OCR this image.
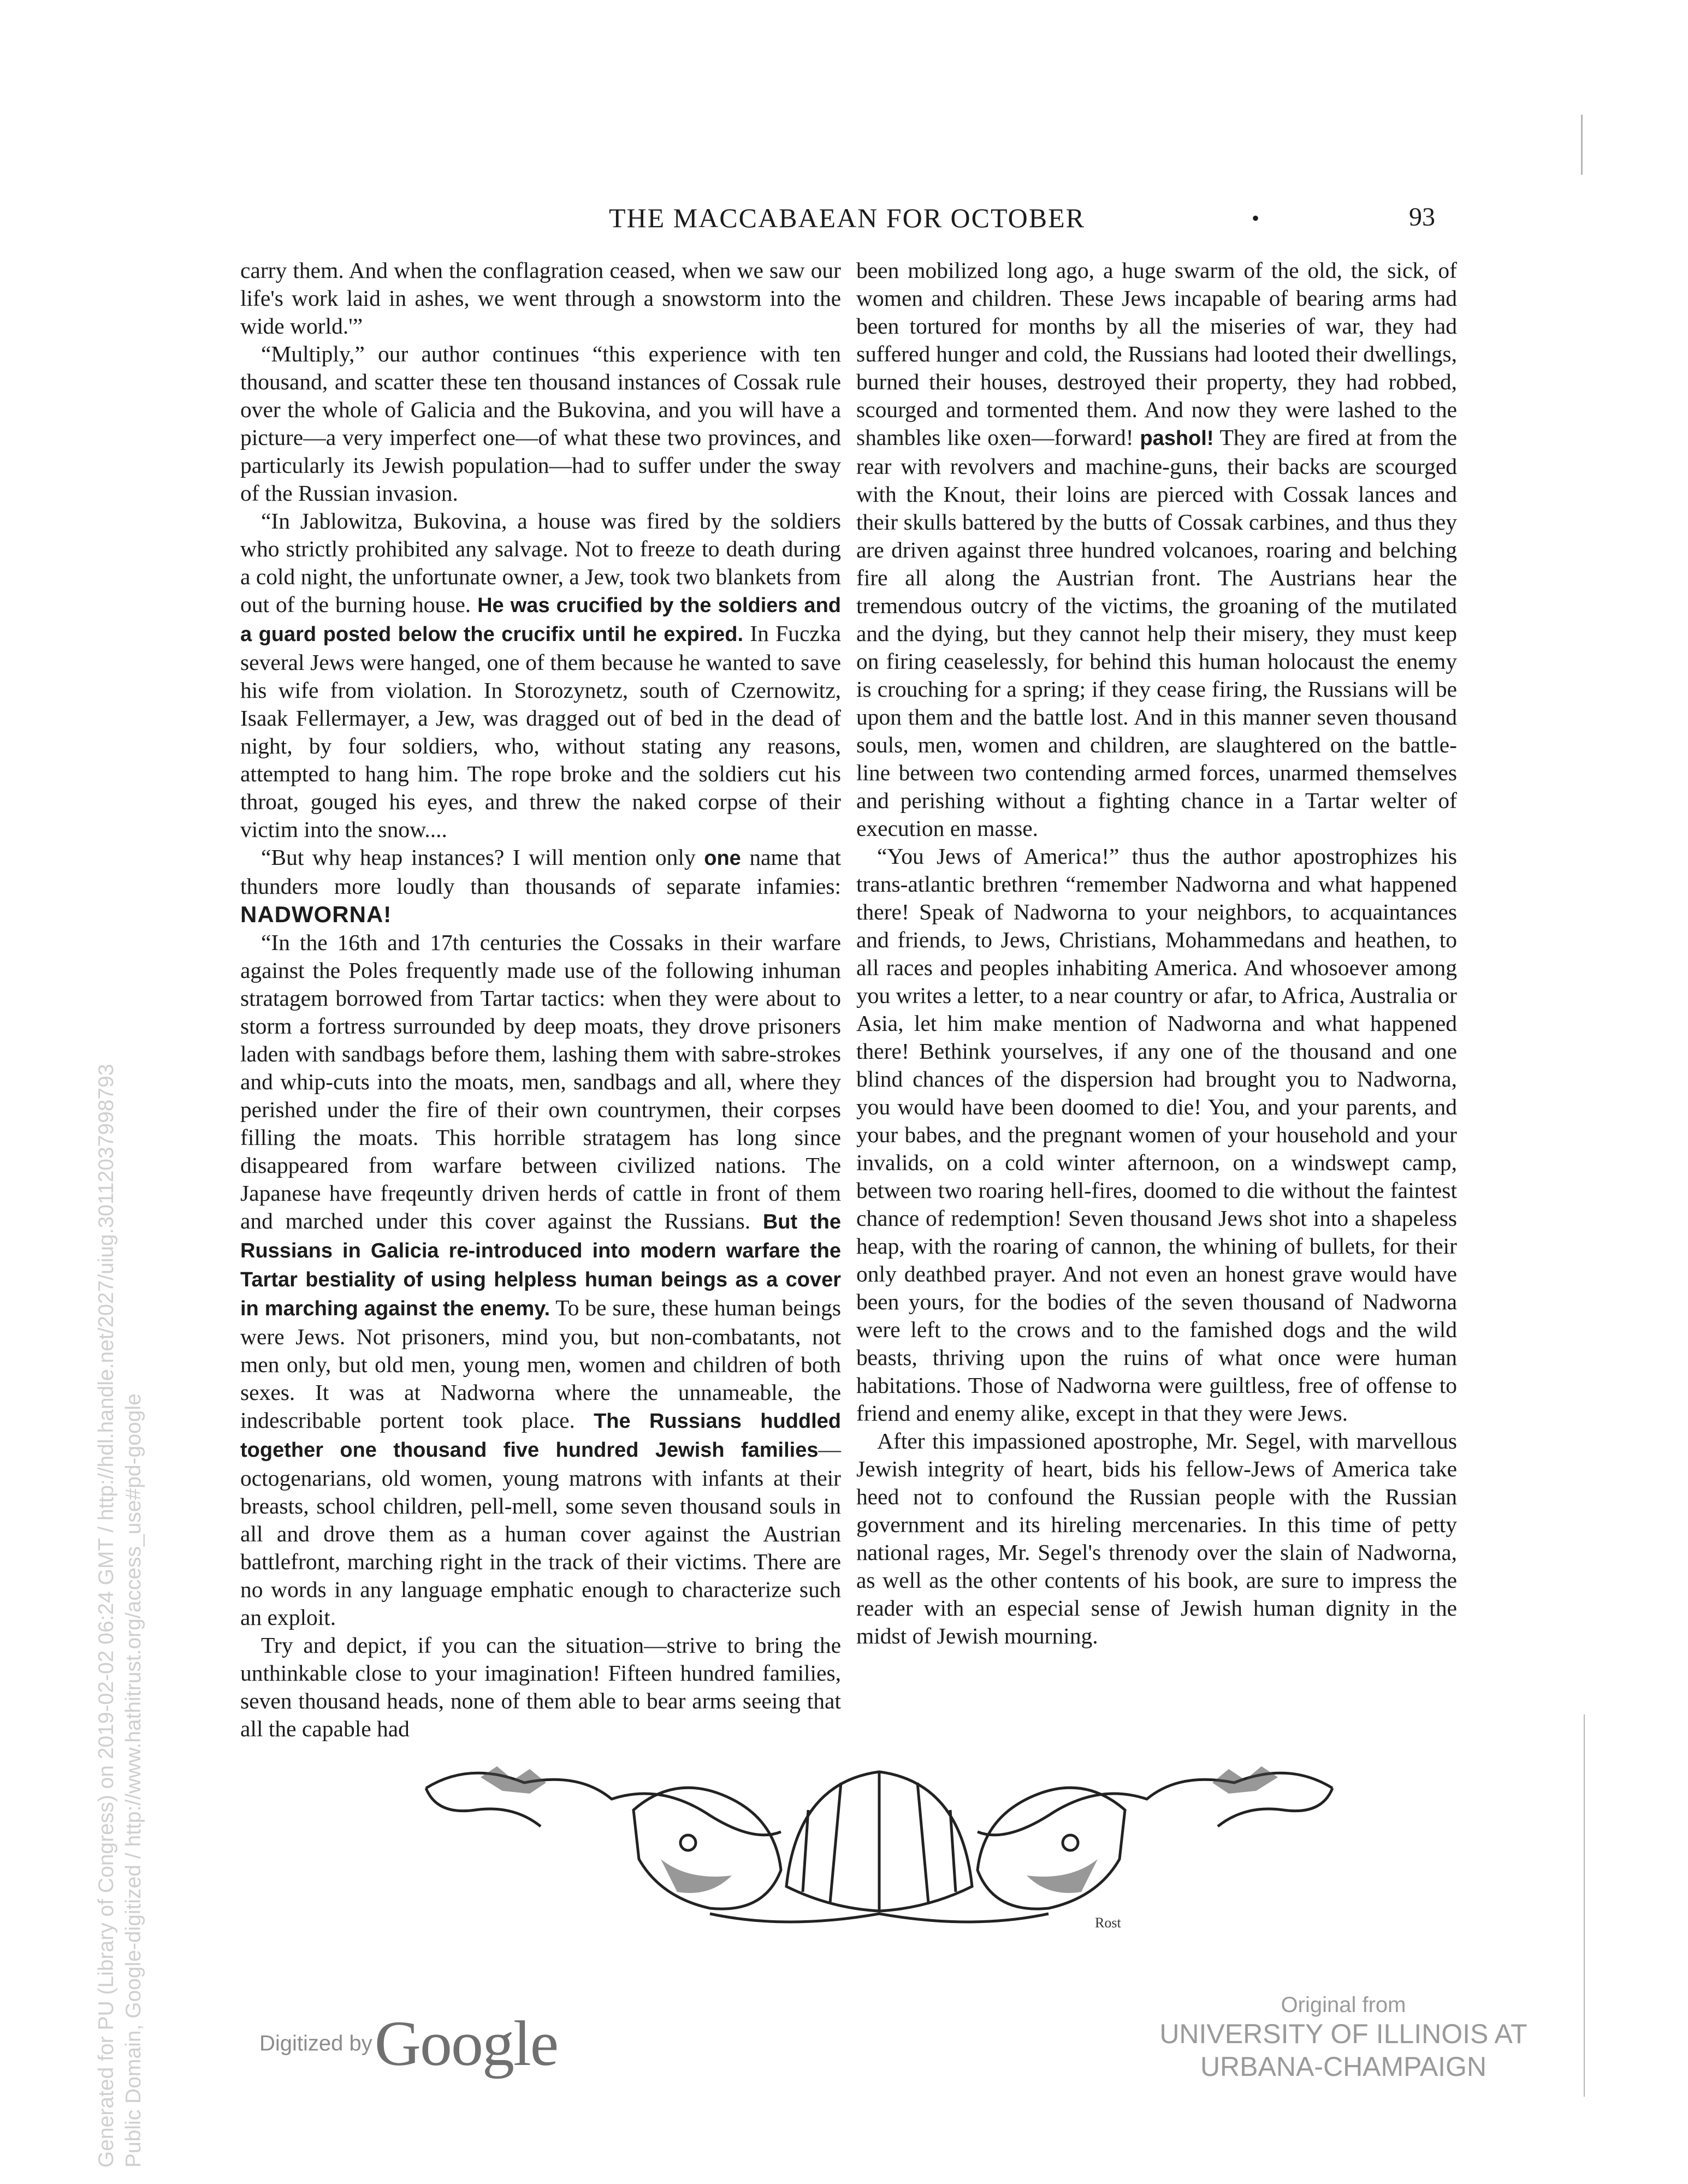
THE MACCABAEAN FOR OCTOBER	•	93

carry them. And when the conflagration ceased, when we saw our life's work laid in ashes, we went through a snowstorm into the wide world.'”

“Multiply,” our author continues “this experience with ten thousand, and scatter these ten thousand instances of Cossak rule over the whole of Galicia and the Bukovina, and you will have a picture—a very imperfect one—of what these two provinces, and particularly its Jewish population—had to suffer under the sway of the Russian invasion.

“In Jablowitza, Bukovina, a house was fired by the soldiers who strictly prohibited any salvage. Not to freeze to death during a cold night, the unfortunate owner, a Jew, took two blankets from out of the burning house. He was crucified by the soldiers and a guard posted below the crucifix until he expired. In Fuczka several Jews were hanged, one of them because he wanted to save his wife from violation. In Storozynetz, south of Czernowitz, Isaak Fellermayer, a Jew, was dragged out of bed in the dead of night, by four soldiers, who, without stating any reasons, attempted to hang him. The rope broke and the soldiers cut his throat, gouged his eyes, and threw the naked corpse of their victim into the snow....

“But why heap instances? I will mention only one name that thunders more loudly than thousands of separate infamies: NADWORNA!

“In the 16th and 17th centuries the Cossaks in their warfare against the Poles frequently made use of the following inhuman stratagem borrowed from Tartar tactics: when they were about to storm a fortress surrounded by deep moats, they drove prisoners laden with sandbags before them, lashing them with sabre-strokes and whip-cuts into the moats, men, sandbags and all, where they perished under the fire of their own countrymen, their corpses filling the moats. This horrible stratagem has long since disappeared from warfare between civilized nations. The Japanese have freqeuntly driven herds of cattle in front of them and marched under this cover against the Russians. But the Russians in Galicia re-introduced into modern warfare the Tartar bestiality of using helpless human beings as a cover in marching against the enemy. To be sure, these human beings were Jews. Not prisoners, mind you, but non-combatants, not men only, but old men, young men, women and children of both sexes. It was at Nadworna where the unnameable, the indescribable portent took place. The Russians huddled together one thousand five hundred Jewish families—octogenarians, old women, young matrons with infants at their breasts, school children, pell-mell, some seven thousand souls in all and drove them as a human cover against the Austrian battlefront, marching right in the track of their victims. There are no words in any language emphatic enough to characterize such an exploit.

Try and depict, if you can the situation—strive to bring the unthinkable close to your imagination! Fifteen hundred families, seven thousand heads, none of them able to bear arms seeing that all the capable had

been mobilized long ago, a huge swarm of the old, the sick, of women and children. These Jews incapable of bearing arms had been tortured for months by all the miseries of war, they had suffered hunger and cold, the Russians had looted their dwellings, burned their houses, destroyed their property, they had robbed, scourged and tormented them. And now they were lashed to the shambles like oxen—forward! pashol! They are fired at from the rear with revolvers and machine-guns, their backs are scourged with the Knout, their loins are pierced with Cossak lances and their skulls battered by the butts of Cossak carbines, and thus they are driven against three hundred volcanoes, roaring and belching fire all along the Austrian front. The Austrians hear the tremendous outcry of the victims, the groaning of the mutilated and the dying, but they cannot help their misery, they must keep on firing ceaselessly, for behind this human holocaust the enemy is crouching for a spring; if they cease firing, the Russians will be upon them and the battle lost. And in this manner seven thousand souls, men, women and children, are slaughtered on the battle-line between two contending armed forces, unarmed themselves and perishing without a fighting chance in a Tartar welter of execution en masse.

“You Jews of America!” thus the author apostrophizes his trans-atlantic brethren “remember Nadworna and what happened there! Speak of Nadworna to your neighbors, to acquaintances and friends, to Jews, Christians, Mohammedans and heathen, to all races and peoples inhabiting America. And whosoever among you writes a letter, to a near country or afar, to Africa, Australia or Asia, let him make mention of Nadworna and what happened there! Bethink yourselves, if any one of the thousand and one blind chances of the dispersion had brought you to Nadworna, you would have been doomed to die! You, and your parents, and your babes, and the pregnant women of your household and your invalids, on a cold winter afternoon, on a windswept camp, between two roaring hell-fires, doomed to die without the faintest chance of redemption! Seven thousand Jews shot into a shapeless heap, with the roaring of cannon, the whining of bullets, for their only deathbed prayer. And not even an honest grave would have been yours, for the bodies of the seven thousand of Nadworna were left to the crows and to the famished dogs and the wild beasts, thriving upon the ruins of what once were human habitations. Those of Nadworna were guiltless, free of offense to friend and enemy alike, except in that they were Jews.

After this impassioned apostrophe, Mr. Segel, with marvellous Jewish integrity of heart, bids his fellow-Jews of America take heed not to confound the Russian people with the Russian government and its hireling mercenaries. In this time of petty national rages, Mr. Segel's threnody over the slain of Nadworna, as well as the other contents of his book, are sure to impress the reader with an especial sense of Jewish human dignity in the midst of Jewish mourning.

Rost
Digitized by Google
Original from
UNIVERSITY OF ILLINOIS AT
URBANA-CHAMPAIGN
Generated for PU (Library of Congress) on 2019-02-02 06:24 GMT / http://hdl.handle.net/2027/uiug.30112037998793 Public Domain, Google-digitized / http://www.hathitrust.org/access_use#pd-google
